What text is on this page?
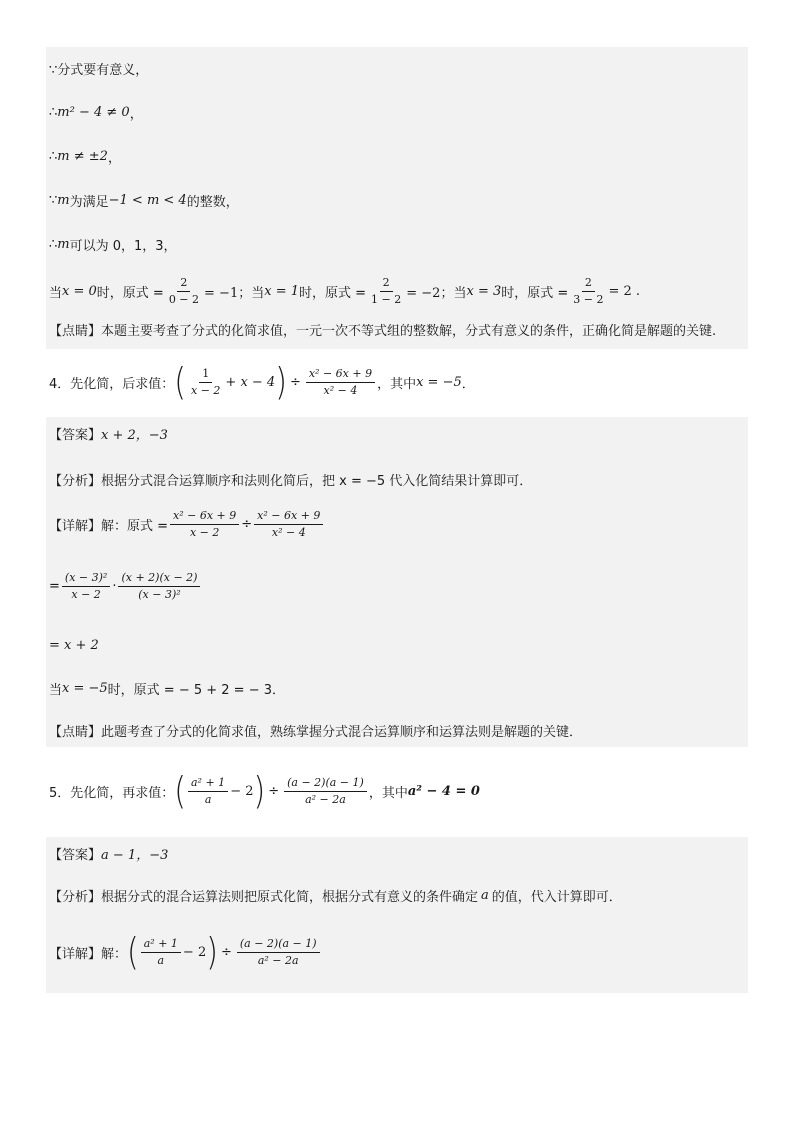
∵分式要有意义，
∴ m² − 4 ≠ 0 ，
∴ m ≠ ±2 ，
∵ m 为满足 −1 < m < 4 的整数，
∴ m 可以为 0，1，3，
当 x = 0 时，原式 = $\frac{2}{0 - 2} = -1$； 当 x = 1 时，原式 = $\frac{2}{1 - 2} = -2$； 当 x = 3 时，原式 = $\frac{2}{3 - 2} = 2$ .
【点睛】本题主要考查了分式的化简求值，一元一次不等式组的整数解，分式有意义的条件，正确化简是解题的关键.
4．先化简，后求值： ( $\frac{1}{x - 2} + x - 4$ ) ÷ $\frac{\text{x² − 6x + 9}}{\text{x² − 4}}$ ，其中 x = −5 ．
【答案】 x + 2，−3
【分析】根据分式混合运算顺序和法则化简后，把 x = −5 代入化简结果计算即可．
【详解】解：原式 = $\frac{\text{x² − 6x + 9}}{x - 2} \div \frac{\text{x² − 6x + 9}}{\text{x² − 4}}$
= $\frac{\text{(x − 3)²}}{x - 2} \cdot \frac{(x + 2)(x - 2)}{\text{(x − 3)²}}$
= x + 2
当 x = −5 时，原式 = − 5 + 2 = − 3．
【点睛】此题考查了分式的化简求值，熟练掌握分式混合运算顺序和运算法则是解题的关键．
5．先化简，再求值： ( $\frac{\text{a² + 1}}{a} - 2$ ) ÷ $\frac{(a - 2)(a - 1)}{\text{a² − 2a}}$ ，其中 a² − 4 = 0
【答案】 a − 1，−3
【分析】根据分式的混合运算法则把原式化简，根据分式有意义的条件确定 a 的值，代入计算即可．
【详解】解： ( $\frac{\text{a² + 1}}{a} - 2$ ) ÷ $\frac{(a - 2)(a - 1)}{\text{a² − 2a}}$
